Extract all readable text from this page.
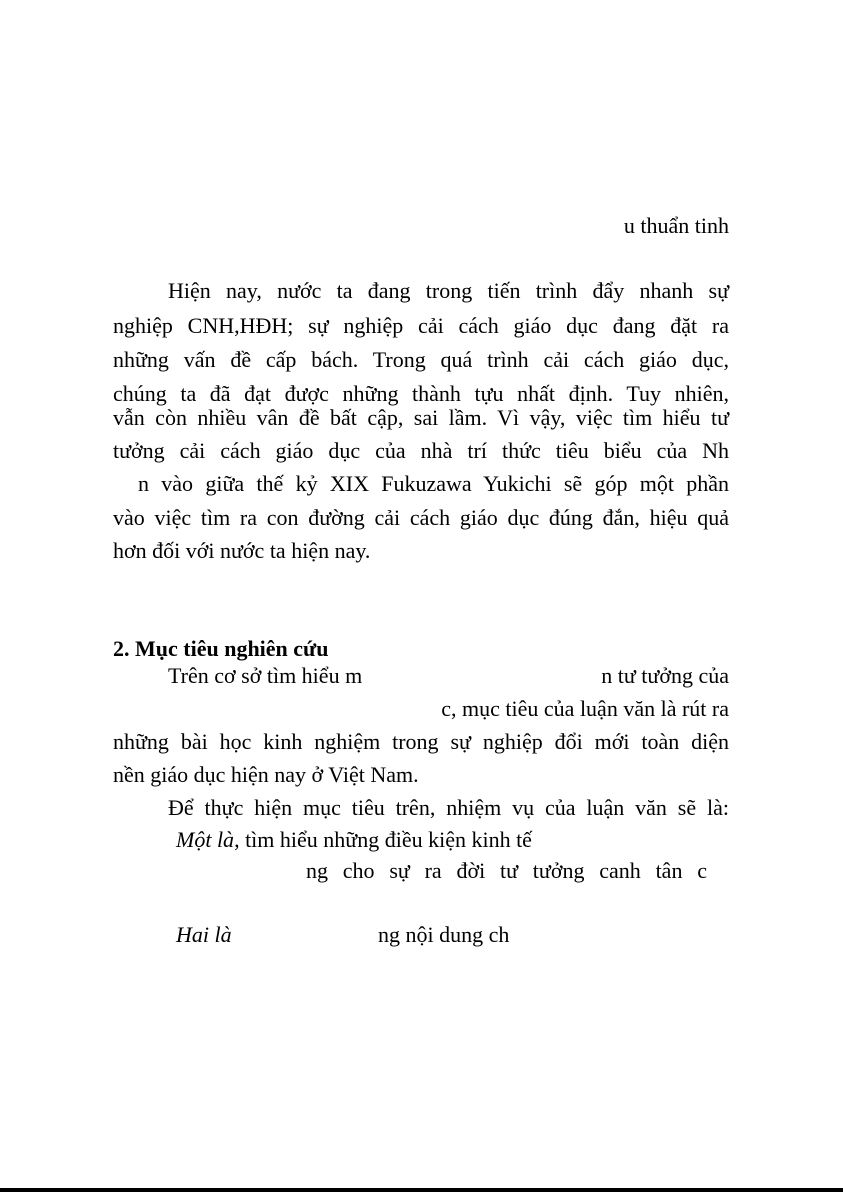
u thuẩn tinh
Hiện nay, nước ta đang trong tiến trình đẩy nhanh sự
nghiệp CNH,HĐH; sự nghiệp cải cách giáo dục đang đặt ra
những vấn đề cấp bách. Trong quá trình cải cách giáo dục,
chúng ta đã đạt được những thành tựu nhất định. Tuy nhiên,
vẫn còn nhiều vân đề bất cập, sai lầm. Vì vậy, việc tìm hiểu tư
tưởng cải cách giáo dục của nhà trí thức tiêu biểu của Nh
n vào giữa thế kỷ XIX Fukuzawa Yukichi sẽ góp một phần
vào việc tìm ra con đường cải cách giáo dục đúng đắn, hiệu quả
hơn đối với nước ta hiện nay.
2. Mục tiêu nghiên cứu
Trên cơ sở tìm hiểu m	n tư tưởng của
c, mục tiêu của luận văn là rút ra
những bài học kinh nghiệm trong sự nghiệp đổi mới toàn diện
nền giáo dục hiện nay ở Việt Nam.
Để thực hiện mục tiêu trên, nhiệm vụ của luận văn sẽ là:
Một là, tìm hiểu những điều kiện kinh tế
ng cho sự ra đời tư tưởng canh tân c
Hai là	ng nội dung ch
